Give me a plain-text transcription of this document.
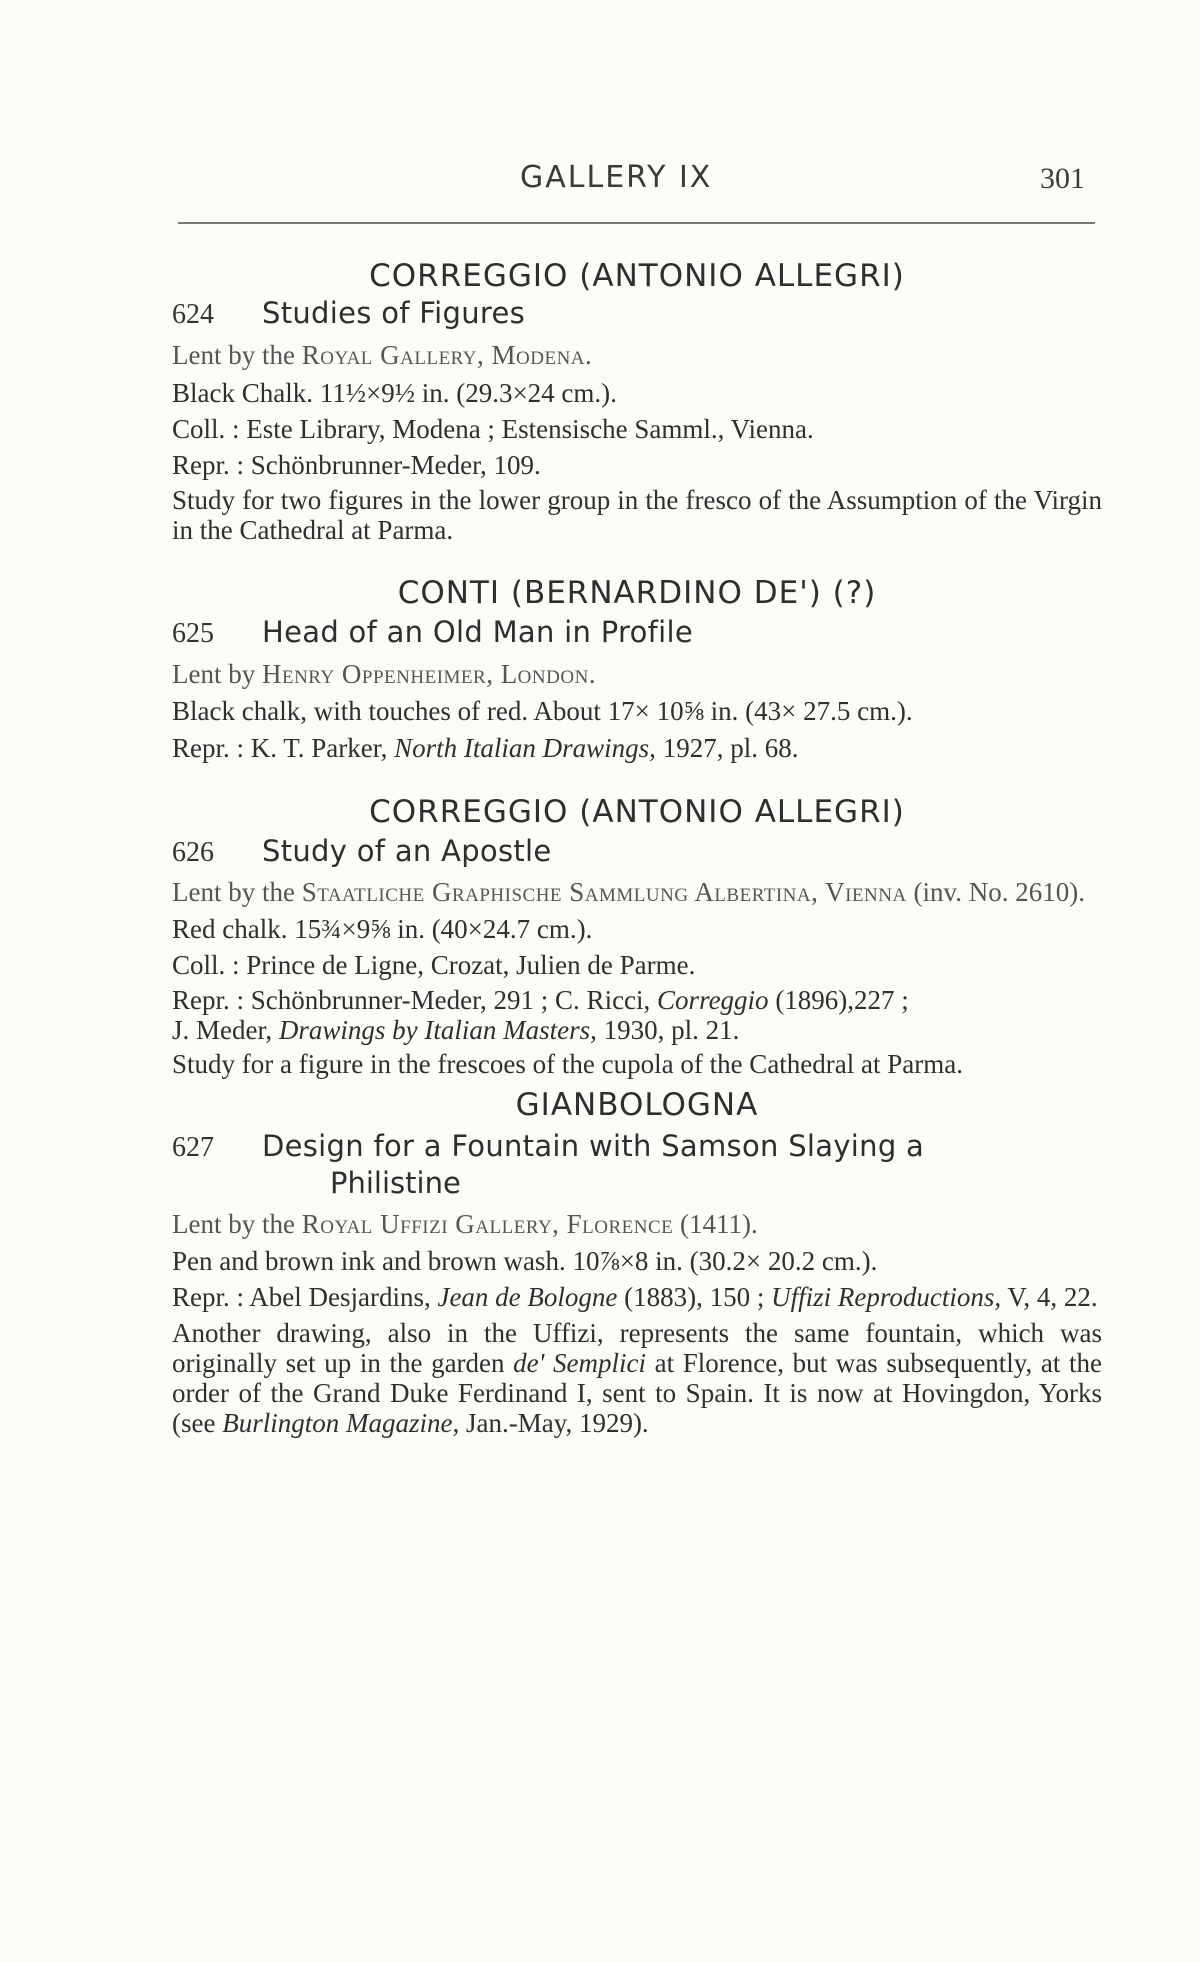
GALLERY IX	301

CORREGGIO (ANTONIO ALLEGRI)

624	Studies of Figures

Lent by the Royal Gallery, Modena.

Black Chalk. 11½×9½ in. (29.3×24 cm.).

Coll. : Este Library, Modena ; Estensische Samml., Vienna.

Repr. : Schönbrunner-Meder, 109.

Study for two figures in the lower group in the fresco of the Assumption of the Virgin in the Cathedral at Parma.

CONTI (BERNARDINO DE') (?)

625	Head of an Old Man in Profile

Lent by Henry Oppenheimer, London.

Black chalk, with touches of red. About 17× 10⅝ in. (43× 27.5 cm.).

Repr. : K. T. Parker, North Italian Drawings, 1927, pl. 68.

CORREGGIO (ANTONIO ALLEGRI)

626	Study of an Apostle

Lent by the Staatliche Graphische Sammlung Albertina, Vienna (inv. No. 2610).

Red chalk. 15¾×9⅝ in. (40×24.7 cm.).

Coll. : Prince de Ligne, Crozat, Julien de Parme.

Repr. : Schönbrunner-Meder, 291 ; C. Ricci, Correggio (1896),227 ;
J. Meder, Drawings by Italian Masters, 1930, pl. 21.

Study for a figure in the frescoes of the cupola of the Cathedral at Parma.

GIANBOLOGNA

627	Design for a Fountain with Samson Slaying a

Philistine

Lent by the Royal Uffizi Gallery, Florence (1411).

Pen and brown ink and brown wash. 10⅞×8 in. (30.2× 20.2 cm.).

Repr. : Abel Desjardins, Jean de Bologne (1883), 150 ; Uffizi Reproductions, V, 4, 22.

Another drawing, also in the Uffizi, represents the same fountain, which was originally set up in the garden de' Semplici at Florence, but was subsequently, at the order of the Grand Duke Ferdinand I, sent to Spain. It is now at Hovingdon, Yorks (see Burlington Magazine, Jan.-May, 1929).
